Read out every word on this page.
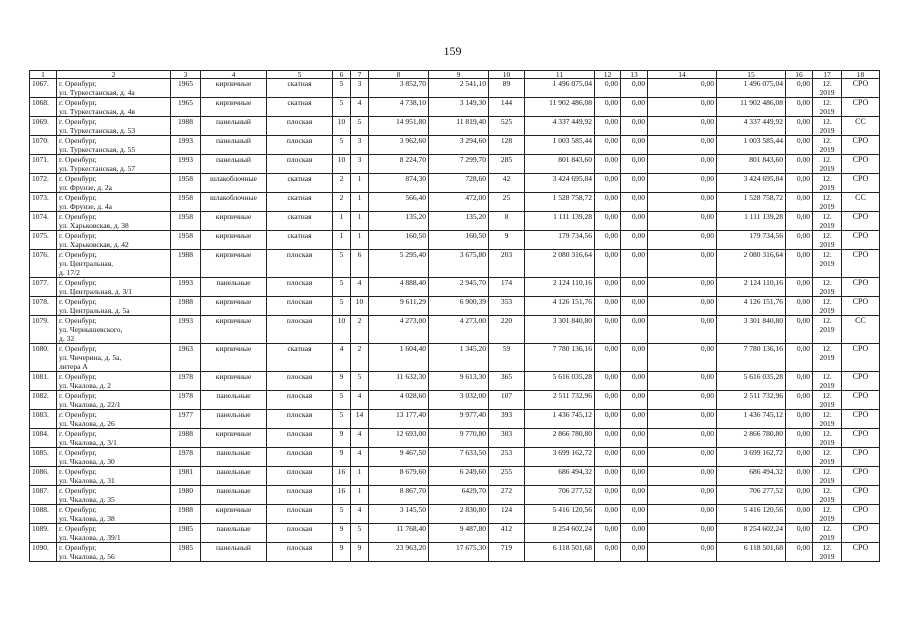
159
1	2	3	4	5	6	7	8	9	10	11	12	13	14	15	16	17	18
1067.	г. Оренбург,
ул. Туркестанская, д. 4а	1965	кирпичные	скатная	5	3	3 852,70	2 541,10	89	1 496 075,04	0,00	0,00	0,00	1 496 075,04	0,00	12.
2019	СРО
1068.	г. Оренбург,
ул. Туркестанская, д. 4в	1965	кирпичные	скатная	5	4	4 738,10	3 149,30	144	11 902 486,08	0,00	0,00	0,00	11 902 486,08	0,00	12.
2019	СРО
1069.	г. Оренбург,
ул. Туркестанская, д. 53	1988	панельный	плоская	10	5	14 951,80	11 819,40	525	4 337 449,92	0,00	0,00	0,00	4 337 449,92	0,00	12.
2019	СС
1070.	г. Оренбург,
ул. Туркестанская, д. 55	1993	панельный	плоская	5	3	3 962,60	3 294,60	128	1 003 585,44	0,00	0,00	0,00	1 003 585,44	0,00	12.
2019	СРО
1071.	г. Оренбург,
ул. Туркестанская, д. 57	1993	панельный	плоская	10	3	8 224,70	7 299,70	285	801 843,60	0,00	0,00	0,00	801 843,60	0,00	12.
2019	СРО
1072.	г. Оренбург,
ул. Фрунзе, д. 2а	1958	шлакоблочные	скатная	2	1	874,30	728,60	42	3 424 695,84	0,00	0,00	0,00	3 424 695,84	0,00	12.
2019	СРО
1073.	г. Оренбург,
ул. Фрунзе, д. 4а	1958	шлакоблочные	скатная	2	1	566,40	472,00	25	1 528 758,72	0,00	0,00	0,00	1 528 758,72	0,00	12.
2019	СС
1074.	г. Оренбург,
ул. Харьковская, д. 38	1958	кирпичные	скатная	1	1	135,20	135,20	8	1 111 139,28	0,00	0,00	0,00	1 111 139,28	0,00	12.
2019	СРО
1075.	г. Оренбург,
ул. Харьковская, д. 42	1958	кирпичные	скатная	1	1	160,50	160,50	9	179 734,56	0,00	0,00	0,00	179 734,56	0,00	12.
2019	СРО
1076.	г. Оренбург,
ул. Центральная,
д. 17/2	1988	кирпичные	плоская	5	6	5 295,40	3 675,80	203	2 080 316,64	0,00	0,00	0,00	2 080 316,64	0,00	12.
2019	СРО
1077.	г. Оренбург,
ул. Центральная, д. 3/1	1993	панельные	плоская	5	4	4 888,40	2 945,70	174	2 124 110,16	0,00	0,00	0,00	2 124 110,16	0,00	12.
2019	СРО
1078.	г. Оренбург,
ул. Центральная, д. 5а	1988	кирпичные	плоская	5	10	9 611,29	6 900,39	353	4 126 151,76	0,00	0,00	0,00	4 126 151,76	0,00	12.
2019	СРО
1079.	г. Оренбург,
ул. Чернышевского,
д. 32	1993	кирпичные	плоская	10	2	4 273,00	4 273,00	220	3 301 840,80	0,00	0,00	0,00	3 301 840,80	0,00	12.
2019	СС
1080.	г. Оренбург,
ул. Чичерина, д. 5а,
литера А	1963	кирпичные	скатная	4	2	1 604,40	1 345,20	59	7 780 136,16	0,00	0,00	0,00	7 780 136,16	0,00	12.
2019	СРО
1081.	г. Оренбург,
ул. Чкалова, д. 2	1978	кирпичные	плоская	9	5	11 632,30	9 613,30	365	5 616 035,28	0,00	0,00	0,00	5 616 035,28	0,00	12.
2019	СРО
1082.	г. Оренбург,
ул. Чкалова, д. 22/1	1978	панельные	плоская	5	4	4 028,60	3 032,00	107	2 511 732,96	0,00	0,00	0,00	2 511 732,96	0,00	12.
2019	СРО
1083.	г. Оренбург,
ул. Чкалова, д. 26	1977	панельные	плоская	5	14	13 177,40	9 977,40	393	1 436 745,12	0,00	0,00	0,00	1 436 745,12	0,00	12.
2019	СРО
1084.	г. Оренбург,
ул. Чкалова, д. 3/1	1988	кирпичные	плоская	9	4	12 693,00	9 770,80	303	2 866 780,80	0,00	0,00	0,00	2 866 780,80	0,00	12.
2019	СРО
1085.	г. Оренбург,
ул. Чкалова, д. 30	1978	панельные	плоская	9	4	9 467,50	7 633,50	253	3 699 162,72	0,00	0,00	0,00	3 699 162,72	0,00	12.
2019	СРО
1086.	г. Оренбург,
ул. Чкалова, д. 31	1981	панельные	плоская	16	1	8 679,60	6 249,60	255	686 494,32	0,00	0,00	0,00	686 494,32	0,00	12.
2019	СРО
1087.	г. Оренбург,
ул. Чкалова, д. 35	1980	панельные	плоская	16	1	8 867,70	6429,70	272	706 277,52	0,00	0,00	0,00	706 277,52	0,00	12.
2019	СРО
1088.	г. Оренбург,
ул. Чкалова, д. 38	1988	кирпичные	плоская	5	4	3 145,50	2 830,80	124	5 416 120,56	0,00	0,00	0,00	5 416 120,56	0,00	12.
2019	СРО
1089.	г. Оренбург,
ул. Чкалова, д. 39/1	1985	панельные	плоская	9	5	11 768,40	9 487,80	412	8 254 602,24	0,00	0,00	0,00	8 254 602,24	0,00	12.
2019	СРО
1090.	г. Оренбург,
ул. Чкалова, д. 56	1985	панельный	плоская	9	9	23 963,20	17 675,30	719	6 118 501,68	0,00	0,00	0,00	6 118 501,68	0,00	12.
2019	СРО
